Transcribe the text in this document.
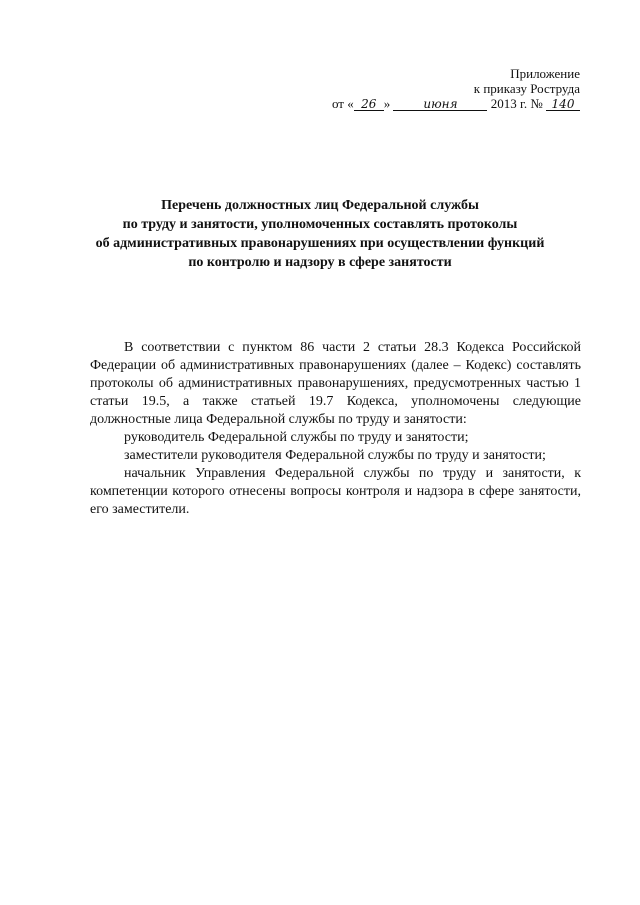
Приложение
к приказу Роструда
от « 26 »	июня	2013 г. № 140
Перечень должностных лиц Федеральной службы
по труду и занятости, уполномоченных составлять протоколы
об административных правонарушениях при осуществлении функций
по контролю и надзору в сфере занятости

В соответствии с пунктом 86 части 2 статьи 28.3 Кодекса Российской Федерации об административных правонарушениях (далее – Кодекс) составлять протоколы об административных правонарушениях, предусмотренных частью 1 статьи 19.5, а также статьей 19.7 Кодекса, уполномочены следующие должностные лица Федеральной службы по труду и занятости:

руководитель Федеральной службы по труду и занятости;

заместители руководителя Федеральной службы по труду и занятости;

начальник Управления Федеральной службы по труду и занятости, к компетенции которого отнесены вопросы контроля и надзора в сфере занятости, его заместители.
